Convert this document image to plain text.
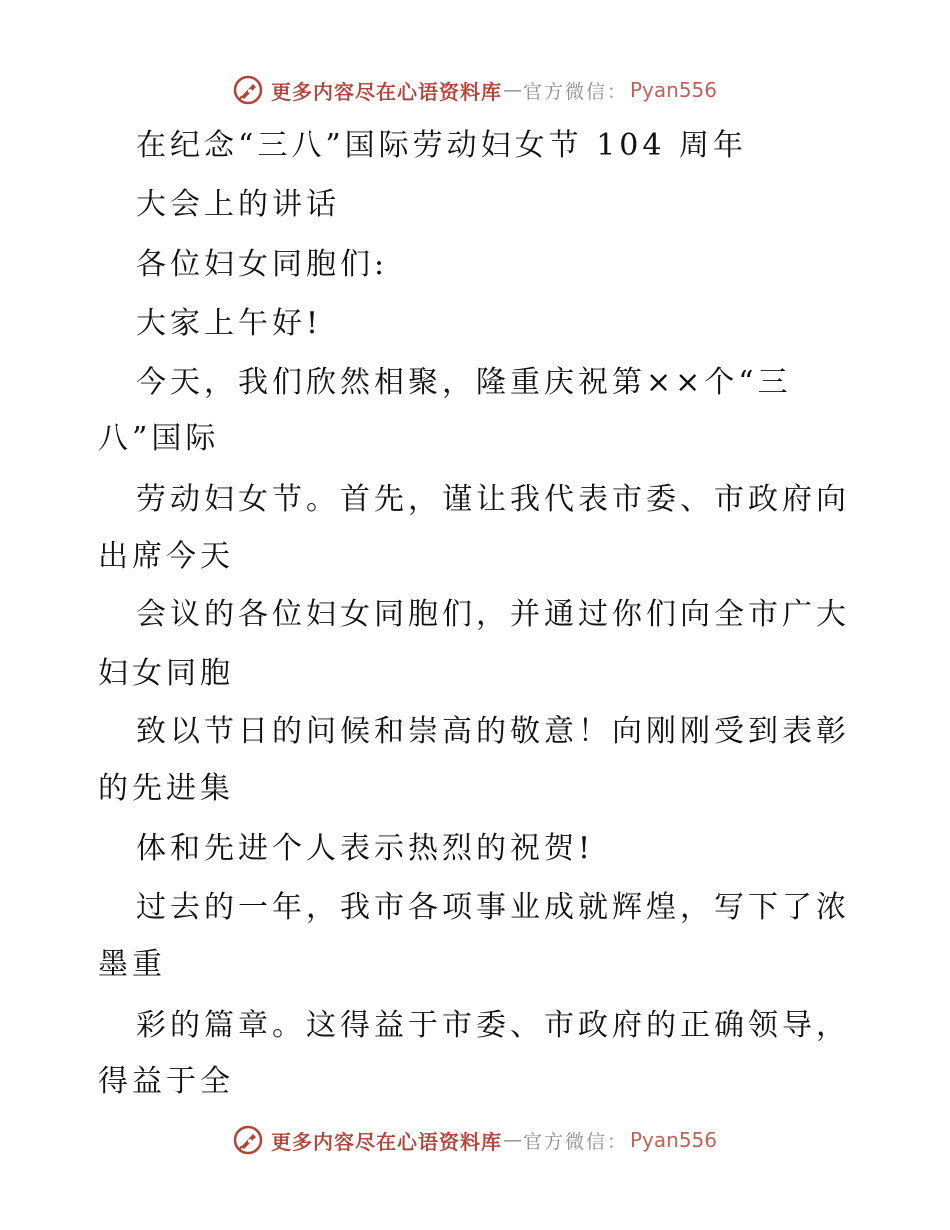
更多内容尽在心语资料库 — 官方微信 ： Pyan556
在纪念“三八”国际劳动妇女节 104 周年
大会上的讲话
各位妇女同胞们:
大家上午好!
今天，我们欣然相聚，隆重庆祝第××个“三
八”国际
劳动妇女节。首先，谨让我代表市委、市政府向
出席今天
会议的各位妇女同胞们，并通过你们向全市广大
妇女同胞
致以节日的问候和崇高的敬意！向刚刚受到表彰
的先进集
体和先进个人表示热烈的祝贺!
过去的一年，我市各项事业成就辉煌，写下了浓
墨重
彩的篇章。这得益于市委、市政府的正确领导，
得益于全
更多内容尽在心语资料库 — 官方微信 ： Pyan556
